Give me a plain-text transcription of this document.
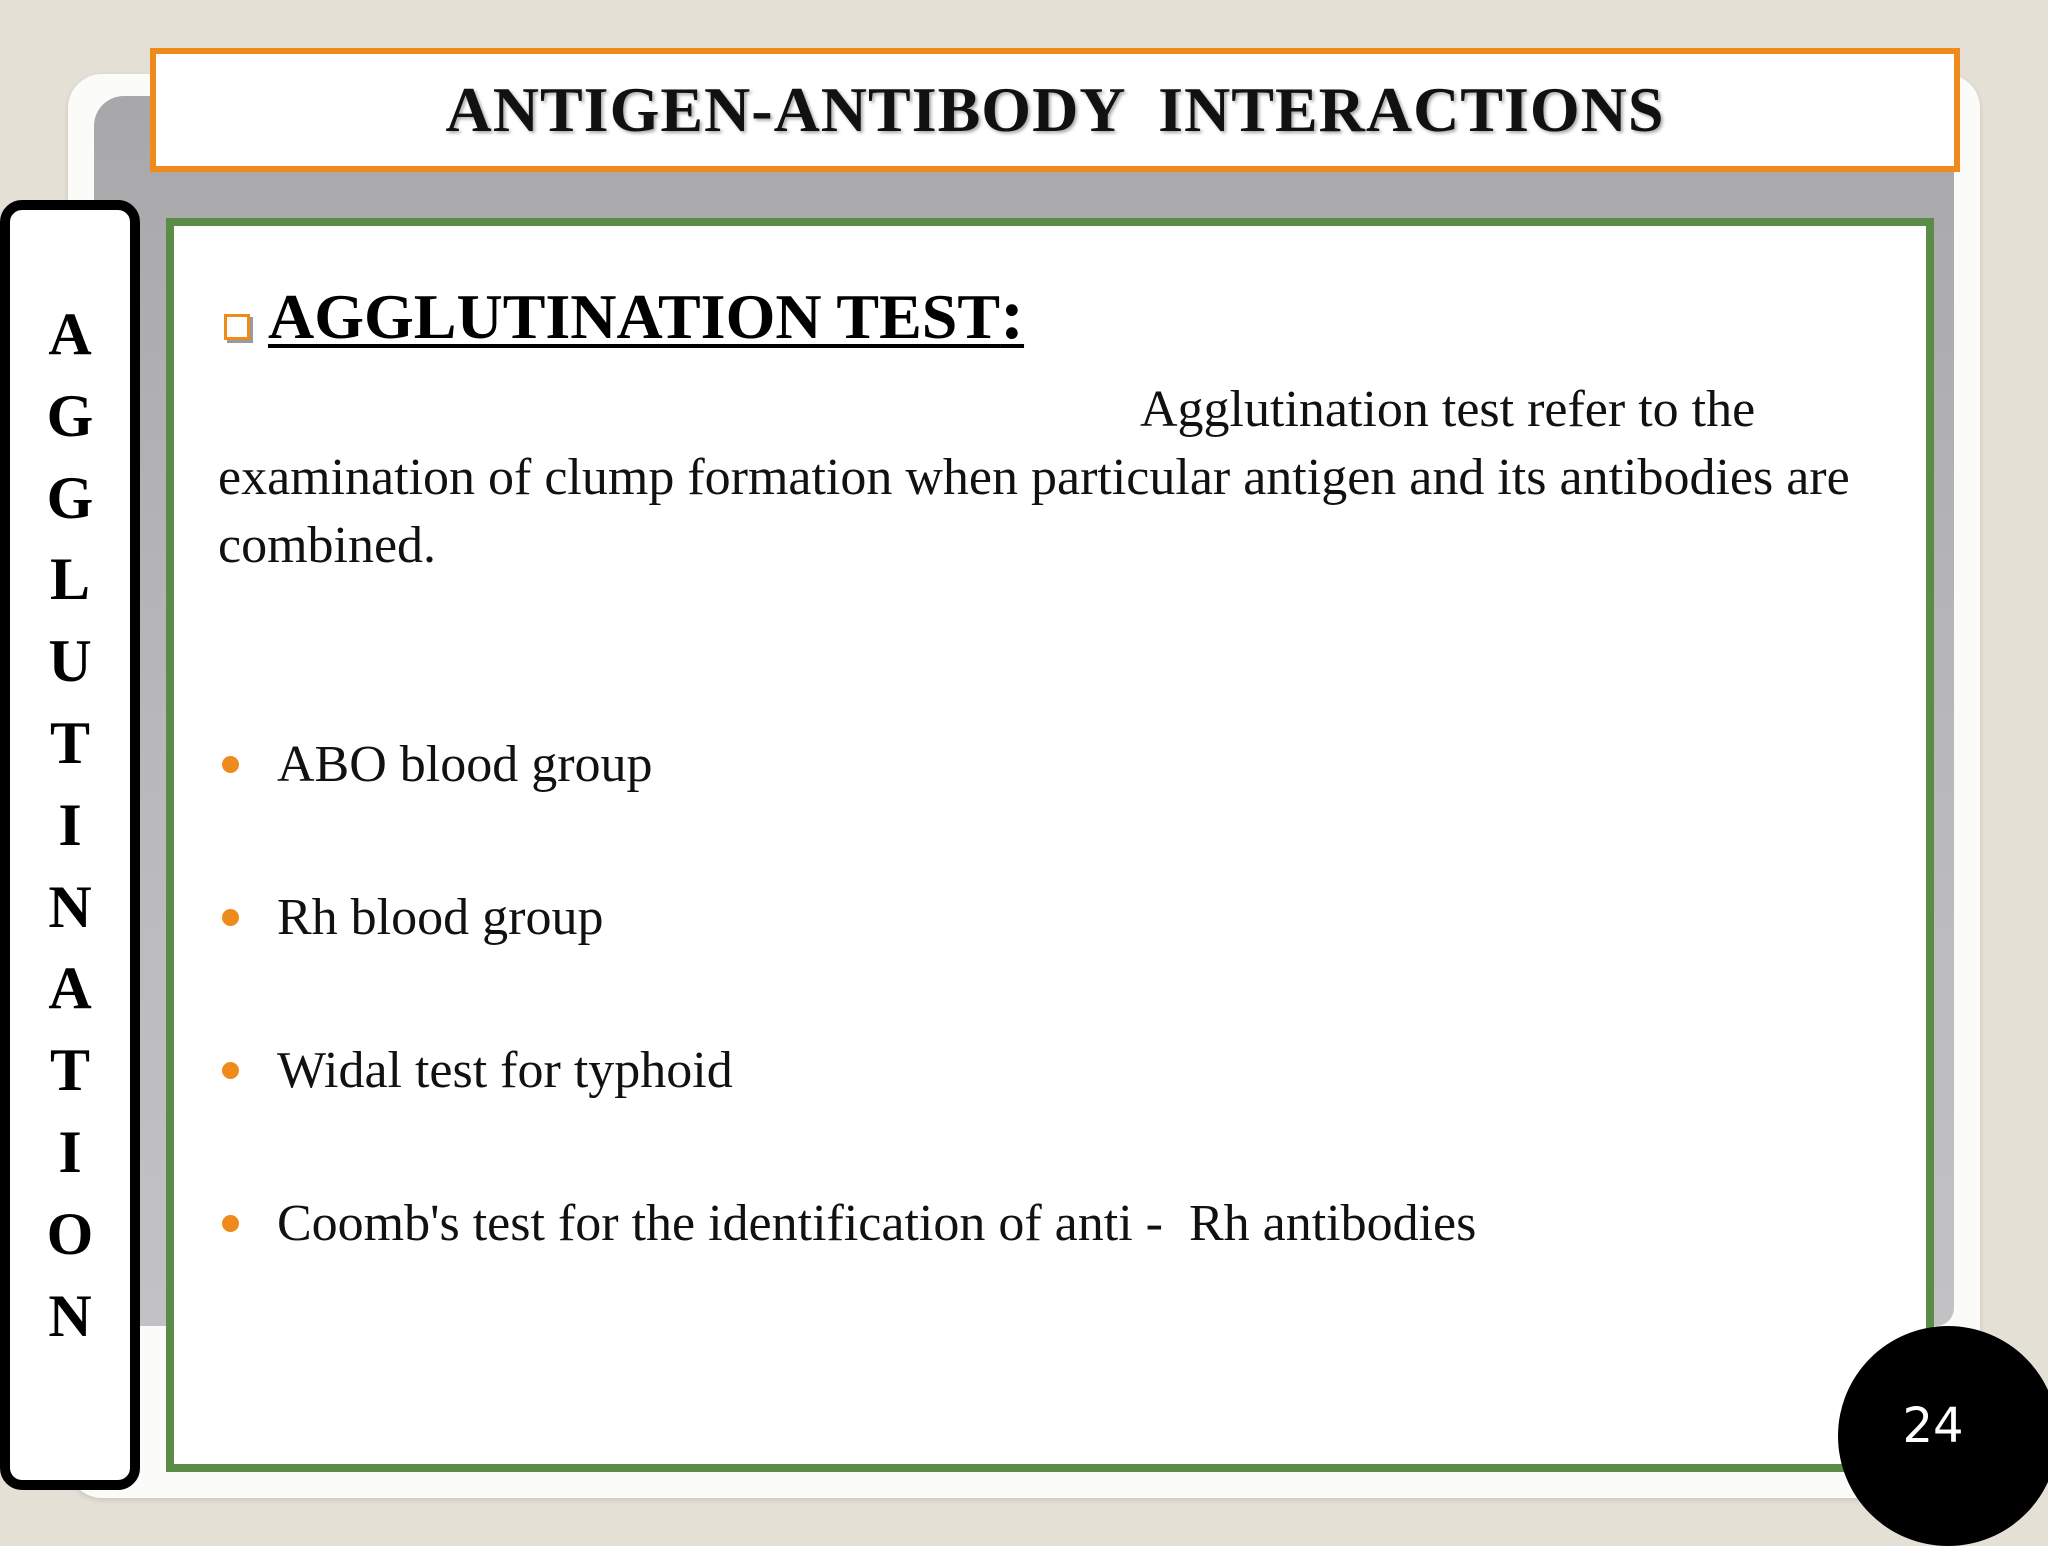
ANTIGEN-ANTIBODY  INTERACTIONS
AGGLUTINATION TEST:
Agglutination test refer to the examination of clump formation when particular antigen and its antibodies are combined.
ABO blood group
Rh blood group
Widal test for typhoid
Coomb's test for the identification of anti -  Rh antibodies
A
G
G
L
U
T
I
N
A
T
I
O
N
24
